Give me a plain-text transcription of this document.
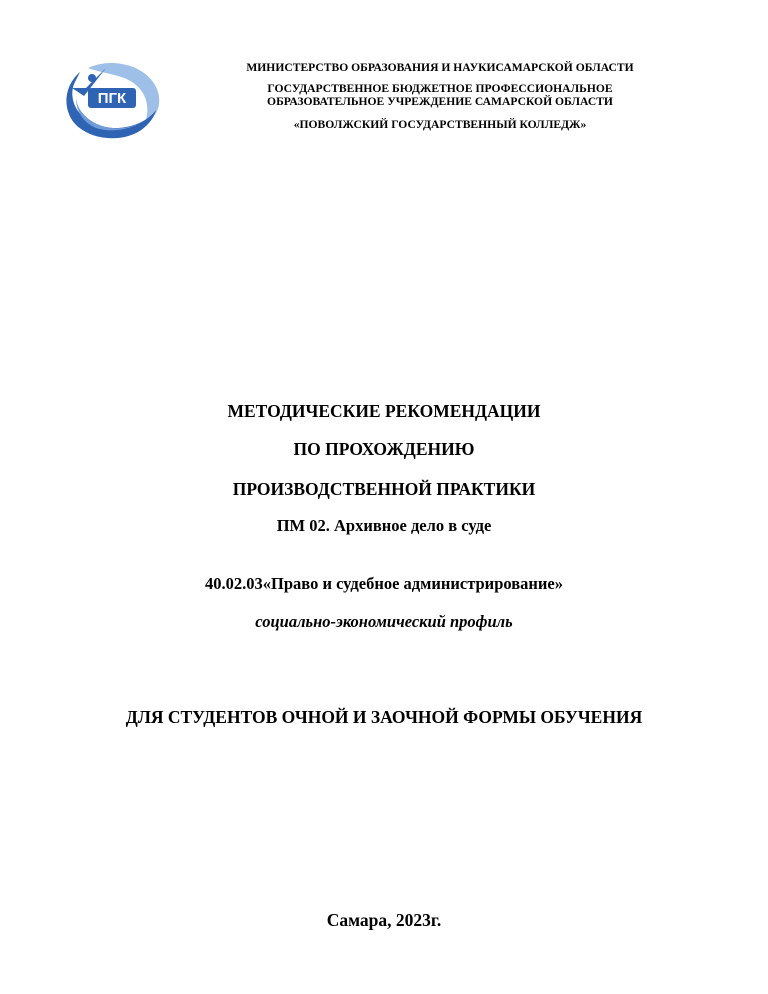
ПГК
МИНИСТЕРСТВО ОБРАЗОВАНИЯ И НАУКИСАМАРСКОЙ ОБЛАСТИ
ГОСУДАРСТВЕННОЕ БЮДЖЕТНОЕ ПРОФЕССИОНАЛЬНОЕ
ОБРАЗОВАТЕЛЬНОЕ УЧРЕЖДЕНИЕ САМАРСКОЙ ОБЛАСТИ
«ПОВОЛЖСКИЙ ГОСУДАРСТВЕННЫЙ КОЛЛЕДЖ»
МЕТОДИЧЕСКИЕ РЕКОМЕНДАЦИИ
ПО ПРОХОЖДЕНИЮ
ПРОИЗВОДСТВЕННОЙ ПРАКТИКИ
ПМ 02. Архивное дело в суде
40.02.03«Право и судебное администрирование»
социально-экономический профиль
ДЛЯ СТУДЕНТОВ ОЧНОЙ И ЗАОЧНОЙ ФОРМЫ ОБУЧЕНИЯ
Самара, 2023г.
